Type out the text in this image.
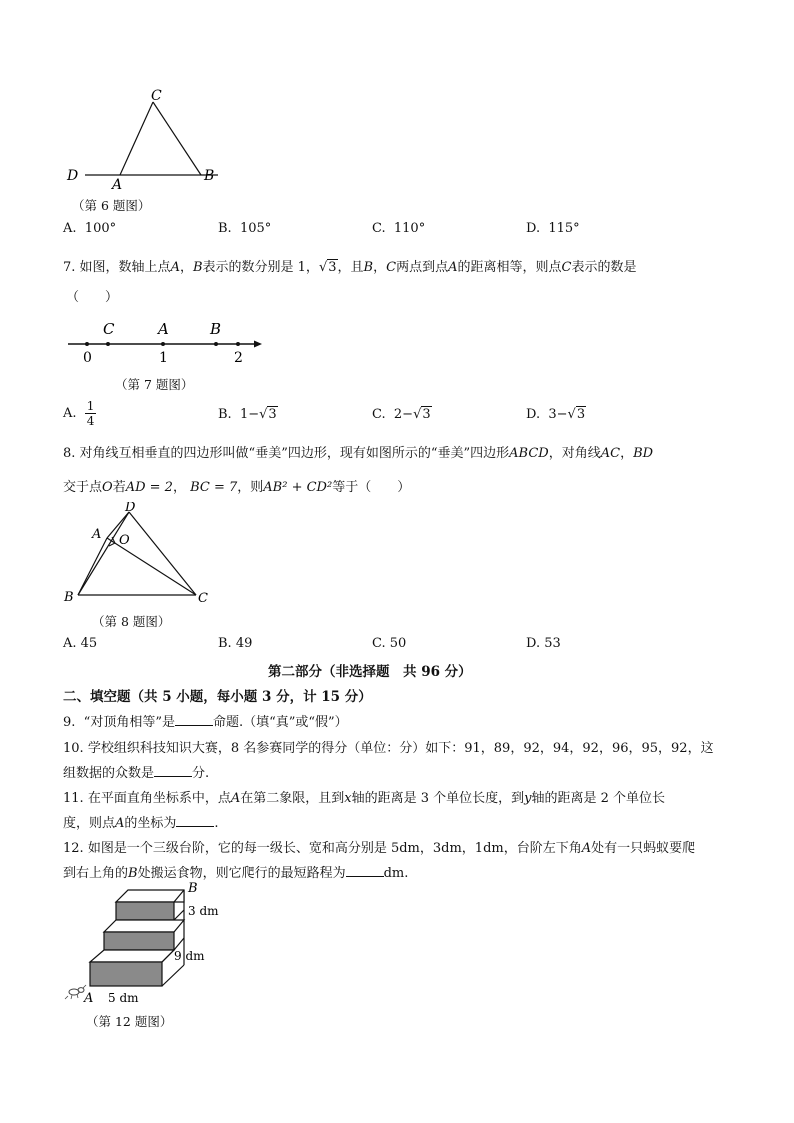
C
D
A
B
（第 6 题图）
A. 100°	B. 105°	C. 110°	D. 115°
7. 如图，数轴上点A，B表示的数分别是 1，√3，且B，C两点到点A的距离相等，则点C表示的数是
（　　）
C	A	B
0	1	2
（第 7 题图）
A. $\frac{1}{4}$	B. 1−√3	C. 2−√3	D. 3−√3
8. 对角线互相垂直的四边形叫做“垂美”四边形，现有如图所示的“垂美”四边形ABCD，对角线AC，BD
交于点O若AD = 2， BC = 7，则AB² + CD²等于（　　）
D
A O
B	C
（第 8 题图）
A. 45	B. 49	C. 50	D. 53
第二部分（非选择题　共 96 分）
二、填空题（共 5 小题，每小题 3 分，计 15 分）
9. “对顶角相等”是	命题.（填“真”或“假”）
10. 学校组织科技知识大赛，8 名参赛同学的得分（单位：分）如下：91，89，92，94，92，96，95，92，这
组数据的众数是	分.
11. 在平面直角坐标系中，点A在第二象限，且到x轴的距离是 3 个单位长度，到y轴的距离是 2 个单位长
度，则点A的坐标为	.
12. 如图是一个三级台阶，它的每一级长、宽和高分别是 5dm，3dm，1dm，台阶左下角A处有一只蚂蚁要爬
到右上角的B处搬运食物，则它爬行的最短路程为	dm.
B
3 dm
9 dm
A 5 dm
（第 12 题图）
